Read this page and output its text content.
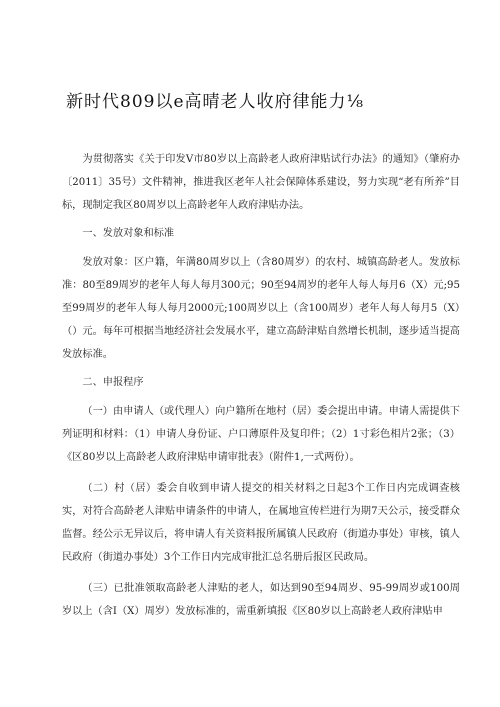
新时代809以e高晴老人收府律能力⅛

为贯彻落实《关于印发V市80岁以上高龄老人政府津贴试行办法》的通知》（肇府办〔2011〕35号）文件精神，推进我区老年人社会保障体系建设，努力实现“老有所养”目标，现制定我区80周岁以上高龄老年人政府津贴办法。

一、发放对象和标准

发放对象：区户籍，年满80周岁以上（含80周岁）的农村、城镇高龄老人。发放标准：80至89周岁的老年人每人每月300元；90至94周岁的老年人每人每月6（X）元;95至99周岁的老年人每人每月2000元;100周岁以上（含100周岁）老年人每人每月5（X）（）元。每年可根据当地经济社会发展水平，建立高龄津贴自然增长机制，逐步适当提高发放标准。

二、申报程序

（一）由申请人（或代理人）向户籍所在地村（居）委会提出申请。申请人需提供下列证明和材料：（1）申请人身份证、户口薄原件及复印件；（2）1寸彩色相片2张；（3）《区80岁以上高龄老人政府津贴申请审批表》（附件1,一式两份）。

（二）村（居）委会自收到申请人提交的相关材料之日起3个工作日内完成调查核实，对符合高龄老人津贴申请条件的申请人，在属地宣传栏进行为期7天公示，接受群众监督。经公示无异议后，将申请人有关资料报所属镇人民政府（街道办事处）审核，镇人民政府（街道办事处）3个工作日内完成审批汇总名册后报区民政局。

（三）已批准领取高龄老人津贴的老人，如达到90至94周岁、95-99周岁或100周岁以上（含I（X）周岁）发放标准的，需重新填报《区80岁以上高龄老人政府津贴申
